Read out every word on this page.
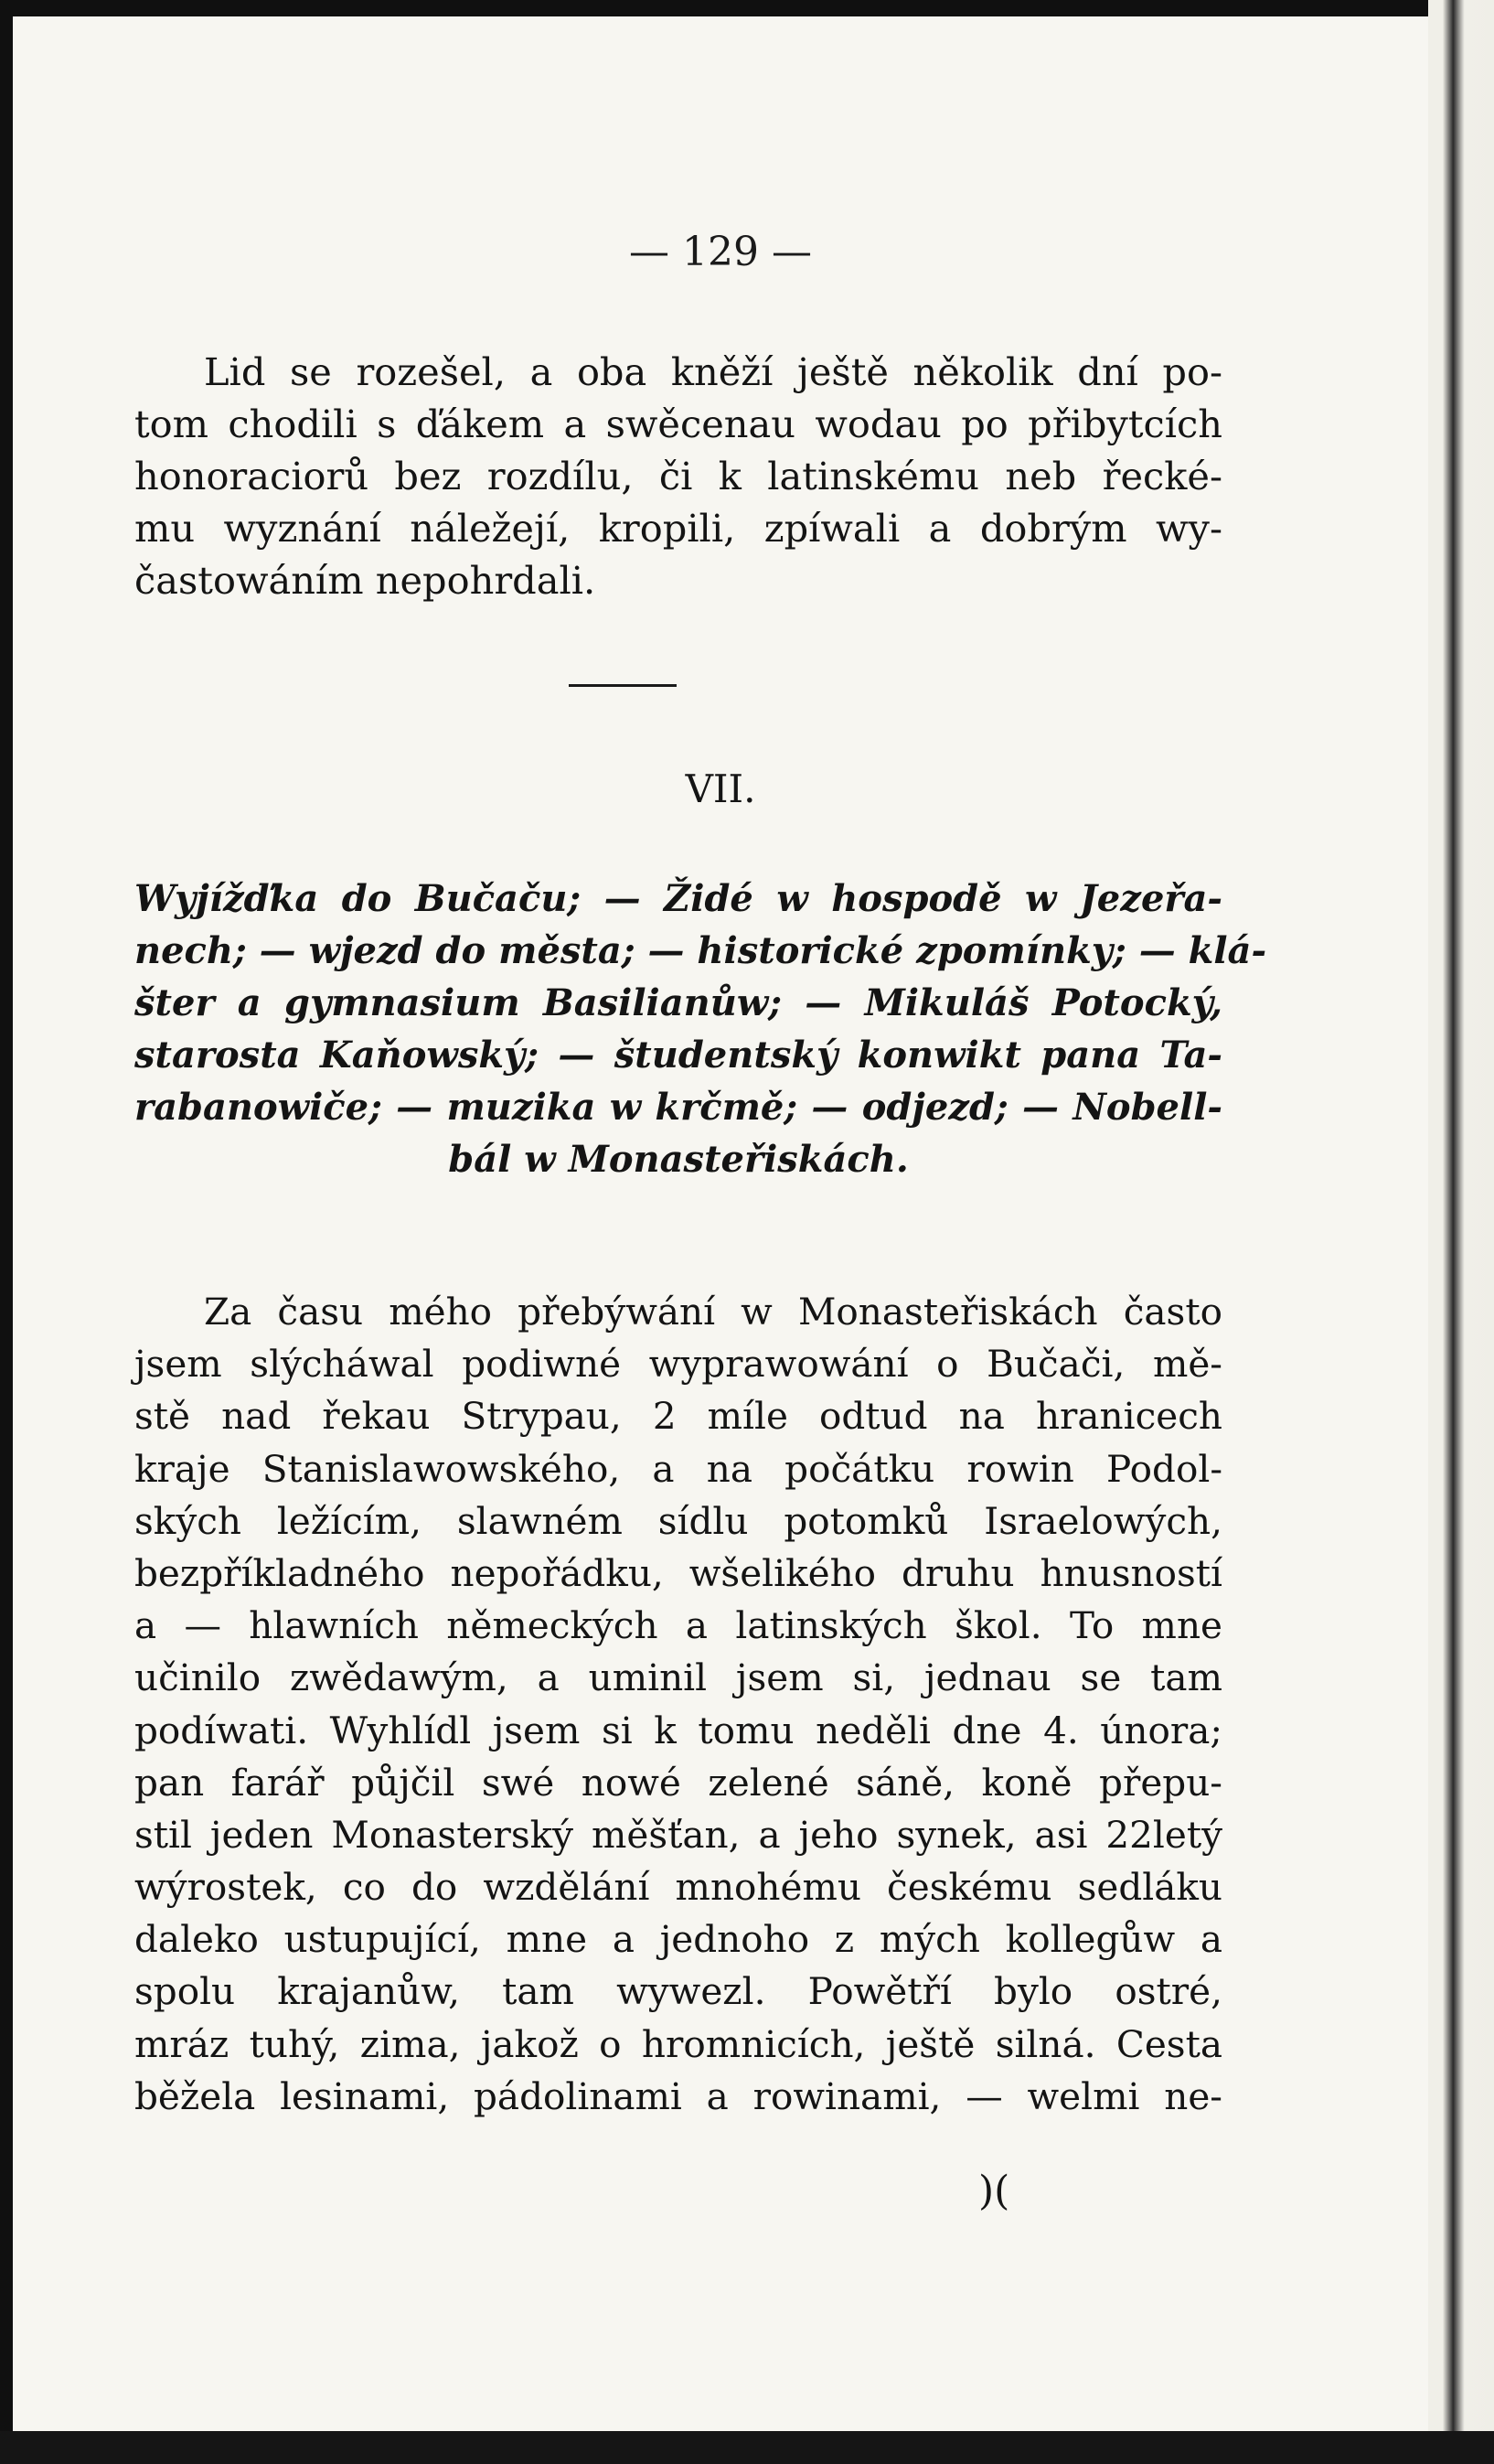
— 129 —
Lid se rozešel, a oba kněží ještě několik dní po-
tom chodili s ďákem a swěcenau wodau po přibytcích
honoraciorů bez rozdílu, či k latinskému neb řecké-
mu wyznání náležejí, kropili, zpíwali a dobrým wy-
častowáním nepohrdali.
VII.
Wyjížďka do Bučaču; — Židé w hospodě w Jezeřa-
nech; — wjezd do města; — historické zpomínky; — klá-
šter a gymnasium Basilianůw; — Mikuláš Potocký,
starosta Kaňowský; — študentský konwikt pana Ta-
rabanowiče; — muzika w krčmě; — odjezd; — Nobell-
bál w Monasteřiskách.
Za času mého přebýwání w Monasteřiskách často
jsem slýcháwal podiwné wyprawowání o Bučači, mě-
stě nad řekau Strypau, 2 míle odtud na hranicech
kraje Stanislawowského, a na počátku rowin Podol-
ských ležícím, slawném sídlu potomků Israelowých,
bezpříkladného nepořádku, wšelikého druhu hnusností
a — hlawních německých a latinských škol. To mne
učinilo zwědawým, a uminil jsem si, jednau se tam
podíwati. Wyhlídl jsem si k tomu neděli dne 4. února;
pan farář půjčil swé nowé zelené sáně, koně přepu-
stil jeden Monasterský měšťan, a jeho synek, asi 22letý
wýrostek, co do wzdělání mnohému českému sedláku
daleko ustupující, mne a jednoho z mých kollegůw a
spolu krajanůw, tam wywezl. Powětří bylo ostré,
mráz tuhý, zima, jakož o hromnicích, ještě silná. Cesta
běžela lesinami, pádolinami a rowinami, — welmi ne-
)(
